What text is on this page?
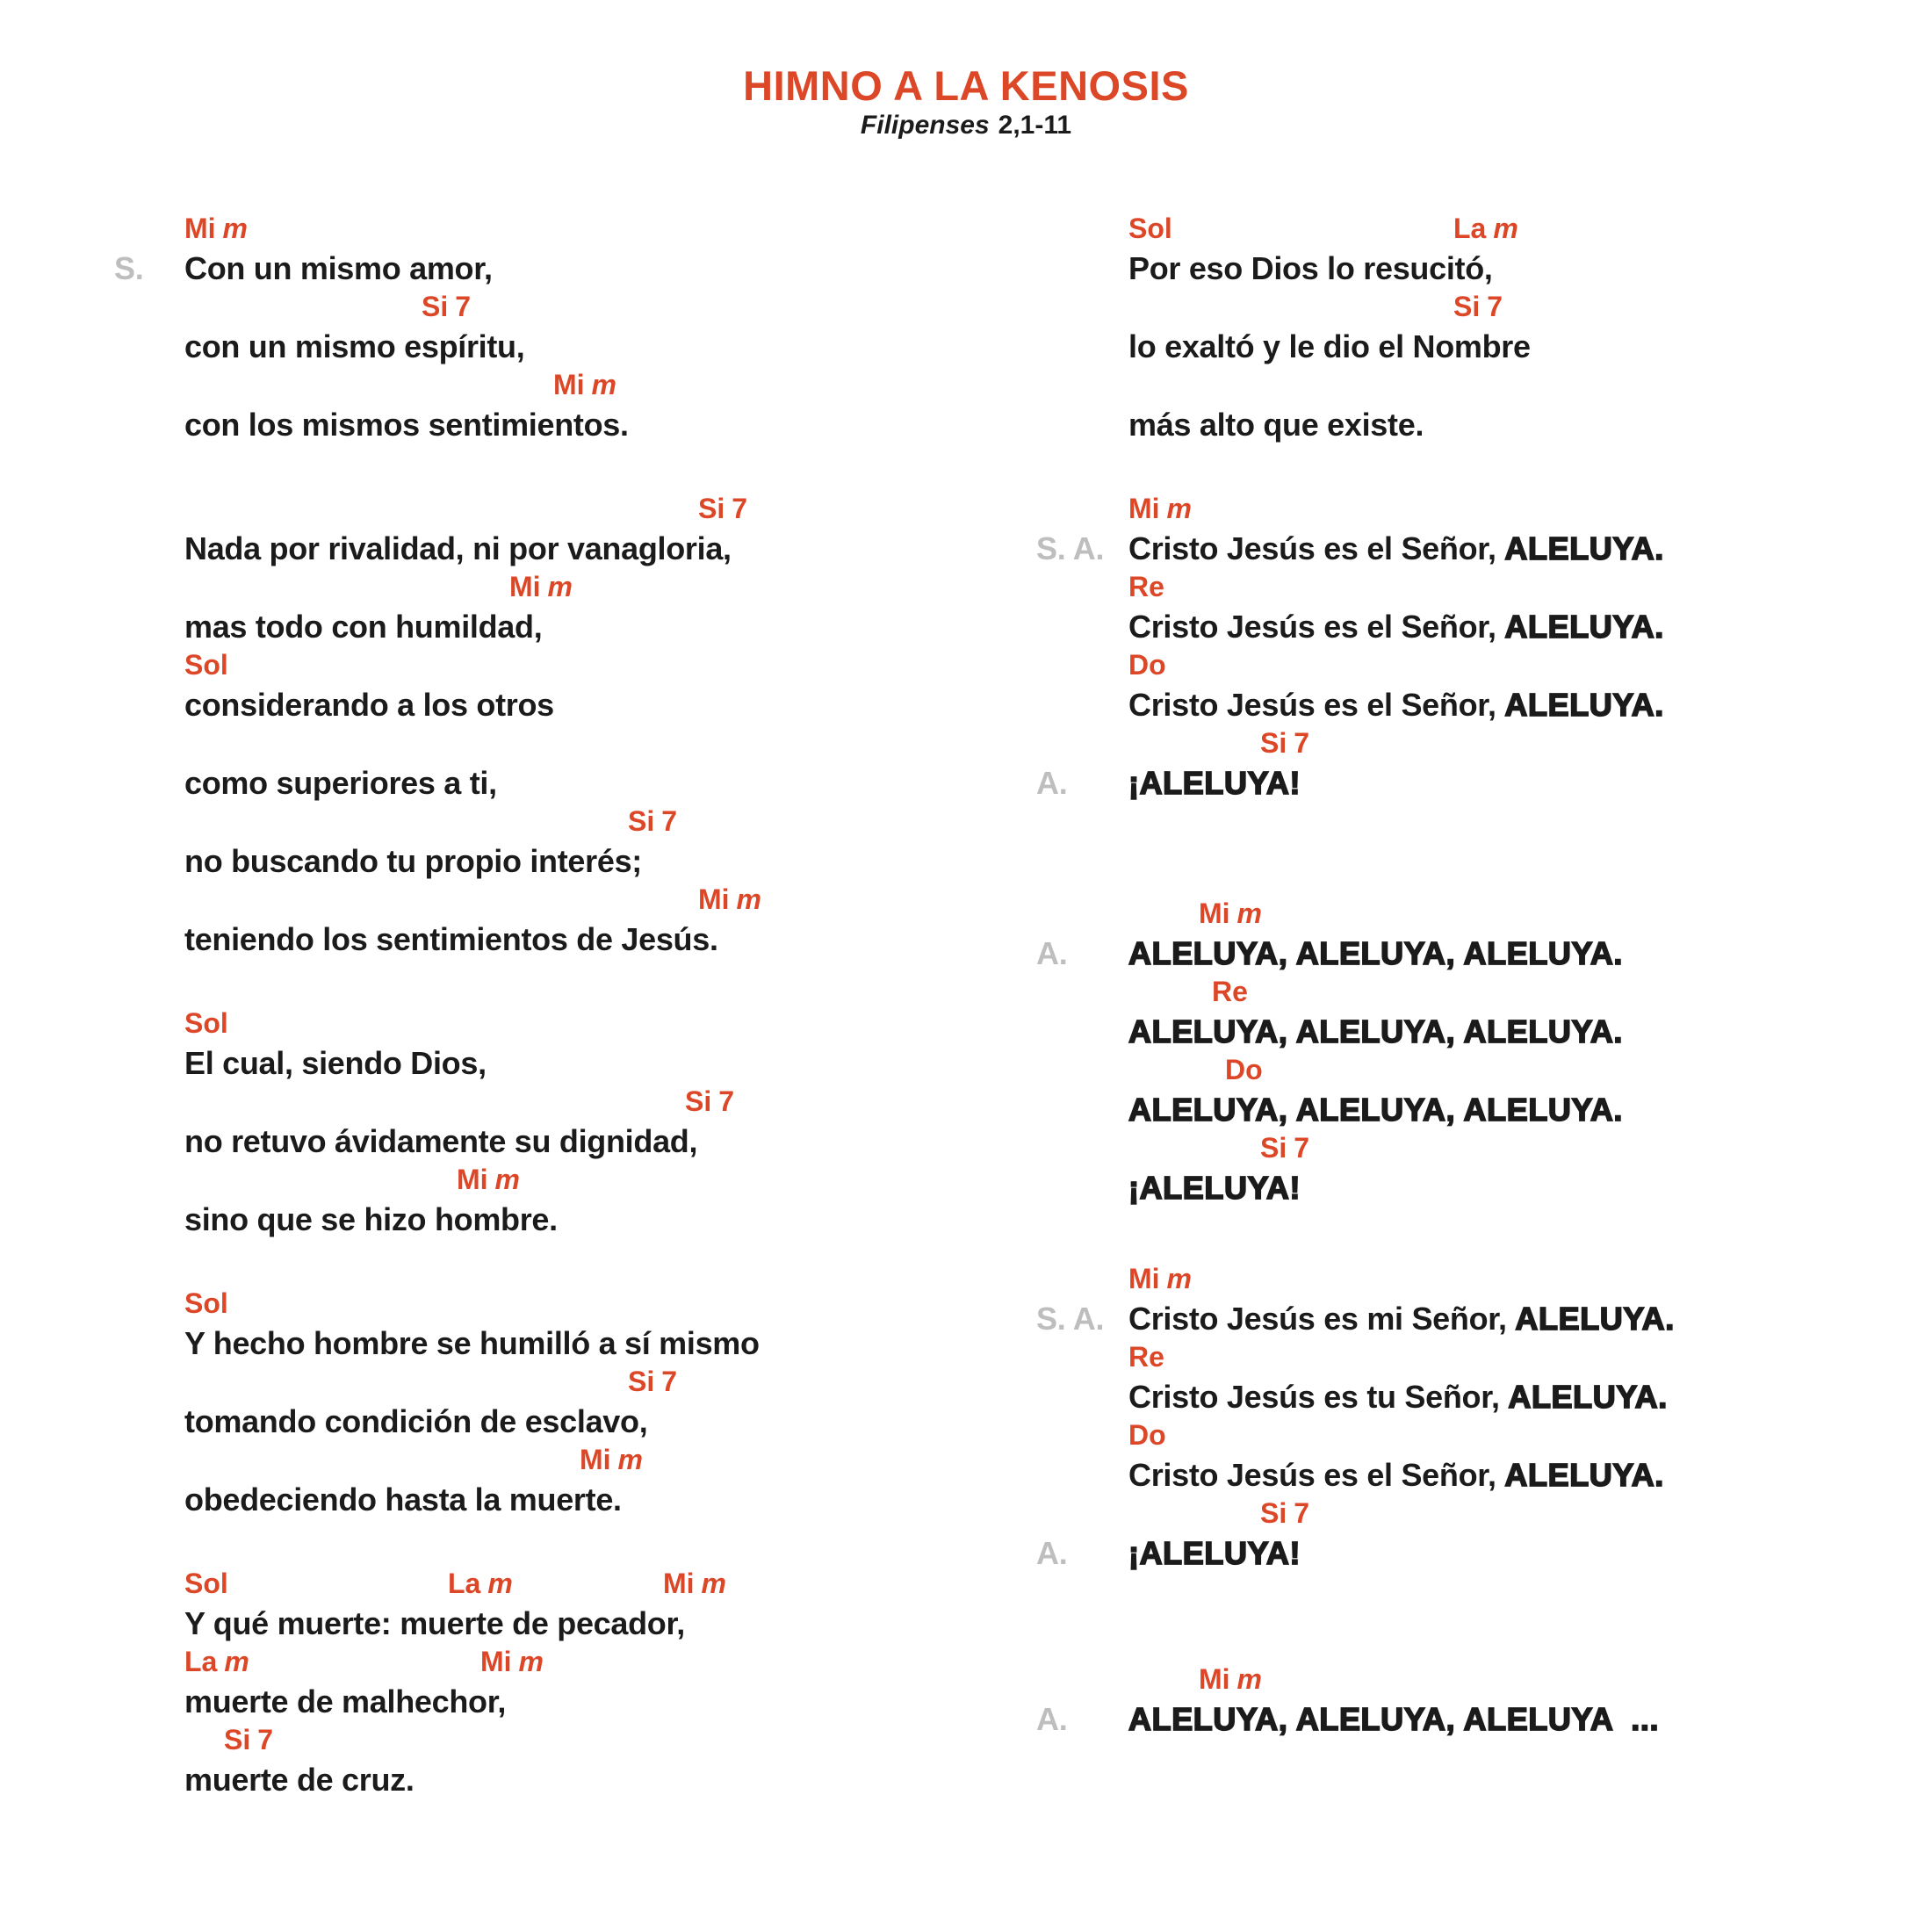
HIMNO A LA KENOSIS
Filipenses 2,1-11
Mi m
S. Con un mismo amor,
Si 7
con un mismo espíritu,
Mi m
con los mismos sentimientos.
Si 7
Nada por rivalidad, ni por vanagloria,
Mi m
mas todo con humildad,
Sol
considerando a los otros
como superiores a ti,
Si 7
no buscando tu propio interés;
Mi m
teniendo los sentimientos de Jesús.
Sol
El cual, siendo Dios,
Si 7
no retuvo ávidamente su dignidad,
Mi m
sino que se hizo hombre.
Sol
Y hecho hombre se humilló a sí mismo
Si 7
tomando condición de esclavo,
Mi m
obedeciendo hasta la muerte.
Sol	La m	Mi m
Y qué muerte: muerte de pecador,
La m	Mi m
muerte de malhechor,
Si 7
muerte de cruz.
Sol	La m
Por eso Dios lo resucitó,
Si 7
lo exaltó y le dio el Nombre
más alto que existe.
Mi m
S. A. Cristo Jesús es el Señor, ALELUYA.
Re
Cristo Jesús es el Señor, ALELUYA.
Do
Cristo Jesús es el Señor, ALELUYA.
Si 7
A. ¡ALELUYA!
Mi m
A. ALELUYA, ALELUYA, ALELUYA.
Re
ALELUYA, ALELUYA, ALELUYA.
Do
ALELUYA, ALELUYA, ALELUYA.
Si 7
¡ALELUYA!
Mi m
S. A. Cristo Jesús es mi Señor, ALELUYA.
Re
Cristo Jesús es tu Señor, ALELUYA.
Do
Cristo Jesús es el Señor, ALELUYA.
Si 7
A. ¡ALELUYA!
Mi m
A. ALELUYA, ALELUYA, ALELUYA  ...
